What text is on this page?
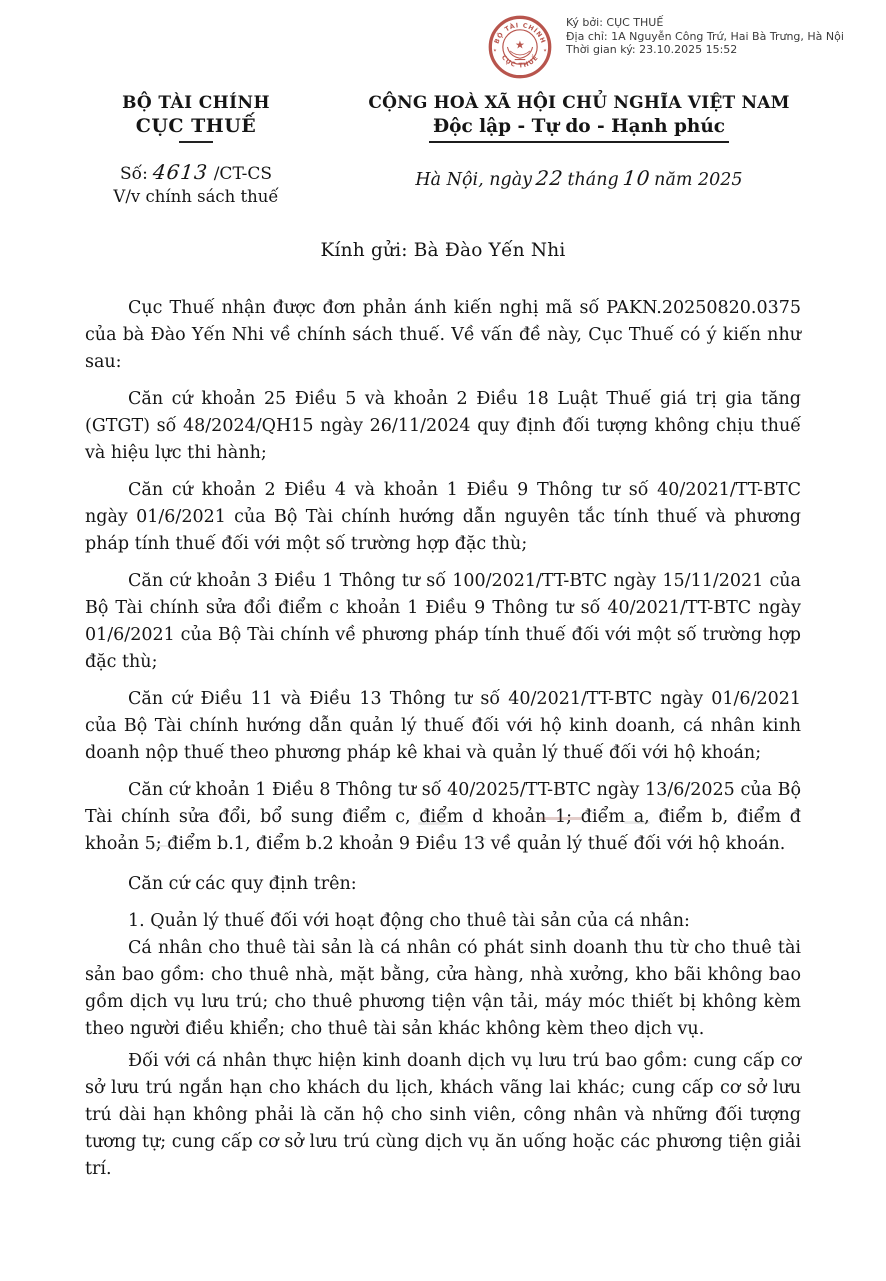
BỘ TÀI CHÍNH
CỤC THUẾ
★
★	★
Ký bởi: CỤC THUẾ
Địa chỉ: 1A Nguyễn Công Trứ, Hai Bà Trưng, Hà Nội
Thời gian ký: 23.10.2025 15:52
BỘ TÀI CHÍNH
CỤC THUẾ
Số: 4613 /CT-CS
V/v chính sách thuế
CỘNG HOÀ XÃ HỘI CHỦ NGHĨA VIỆT NAM
Độc lập - Tự do - Hạnh phúc
Hà Nội, ngày 22 tháng 10 năm 2025
Kính gửi: Bà Đào Yến Nhi

Cục Thuế nhận được đơn phản ánh kiến nghị mã số PAKN.20250820.0375 của bà Đào Yến Nhi về chính sách thuế. Về vấn đề này, Cục Thuế có ý kiến như sau:

Căn cứ khoản 25 Điều 5 và khoản 2 Điều 18 Luật Thuế giá trị gia tăng (GTGT) số 48/2024/QH15 ngày 26/11/2024 quy định đối tượng không chịu thuế và hiệu lực thi hành;

Căn cứ khoản 2 Điều 4 và khoản 1 Điều 9 Thông tư số 40/2021/TT-BTC ngày 01/6/2021 của Bộ Tài chính hướng dẫn nguyên tắc tính thuế và phương pháp tính thuế đối với một số trường hợp đặc thù;

Căn cứ khoản 3 Điều 1 Thông tư số 100/2021/TT-BTC ngày 15/11/2021 của Bộ Tài chính sửa đổi điểm c khoản 1 Điều 9 Thông tư số 40/2021/TT-BTC ngày 01/6/2021 của Bộ Tài chính về phương pháp tính thuế đối với một số trường hợp đặc thù;

Căn cứ Điều 11 và Điều 13 Thông tư số 40/2021/TT-BTC ngày 01/6/2021 của Bộ Tài chính hướng dẫn quản lý thuế đối với hộ kinh doanh, cá nhân kinh doanh nộp thuế theo phương pháp kê khai và quản lý thuế đối với hộ khoán;

Căn cứ khoản 1 Điều 8 Thông tư số 40/2025/TT-BTC ngày 13/6/2025 của Bộ Tài chính sửa đổi, bổ sung điểm c, điểm d khoản 1; điểm a, điểm b, điểm đ khoản 5; điểm b.1, điểm b.2 khoản 9 Điều 13 về quản lý thuế đối với hộ khoán.

Căn cứ các quy định trên:

1. Quản lý thuế đối với hoạt động cho thuê tài sản của cá nhân:

Cá nhân cho thuê tài sản là cá nhân có phát sinh doanh thu từ cho thuê tài sản bao gồm: cho thuê nhà, mặt bằng, cửa hàng, nhà xưởng, kho bãi không bao gồm dịch vụ lưu trú; cho thuê phương tiện vận tải, máy móc thiết bị không kèm theo người điều khiển; cho thuê tài sản khác không kèm theo dịch vụ.

Đối với cá nhân thực hiện kinh doanh dịch vụ lưu trú bao gồm: cung cấp cơ sở lưu trú ngắn hạn cho khách du lịch, khách vãng lai khác; cung cấp cơ sở lưu trú dài hạn không phải là căn hộ cho sinh viên, công nhân và những đối tượng tương tự; cung cấp cơ sở lưu trú cùng dịch vụ ăn uống hoặc các phương tiện giải trí.
